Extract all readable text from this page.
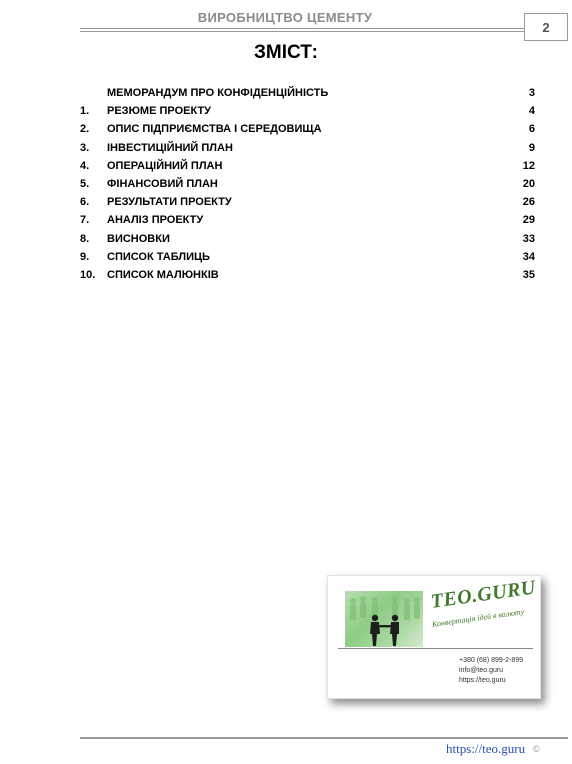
ВИРОБНИЦТВО ЦЕМЕНТУ
2
ЗМІСТ:
МЕМОРАНДУМ ПРО КОНФІДЕНЦІЙНІСТЬ	3
1.	РЕЗЮМЕ ПРОЕКТУ	4
2.	ОПИС ПІДПРИЄМСТВА І СЕРЕДОВИЩА	6
3.	ІНВЕСТИЦІЙНИЙ ПЛАН	9
4.	ОПЕРАЦІЙНИЙ ПЛАН	12
5.	ФІНАНСОВИЙ ПЛАН	20
6.	РЕЗУЛЬТАТИ ПРОЕКТУ	26
7.	АНАЛІЗ ПРОЕКТУ	29
8.	ВИСНОВКИ	33
9.	СПИСОК ТАБЛИЦЬ	34
10.	СПИСОК МАЛЮНКІВ	35
TEO.GURU
Конвертація ідей в валюту
+380 (68) 899-2-899
info@teo.guru
https://teo.guru
https://teo.guru ©
